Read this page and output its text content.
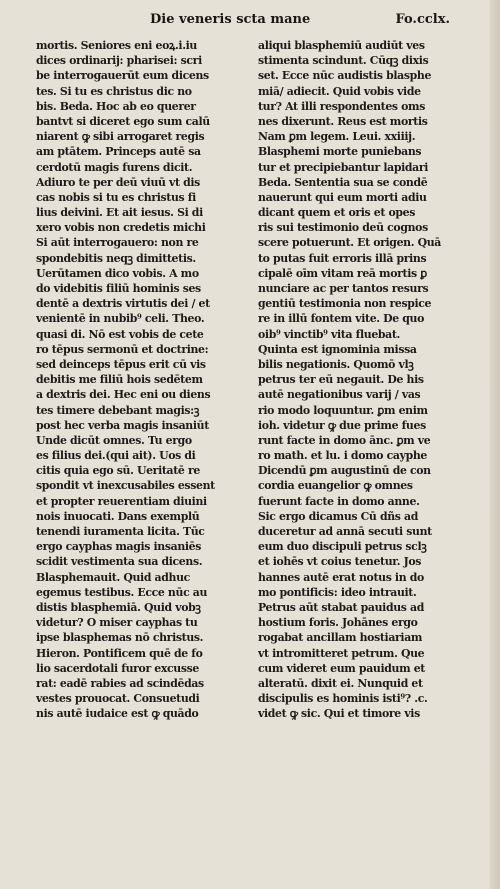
Die veneris scta mane	Fo.cclx.
mortis. Seniores eni eoꝝ.i.iu
dices ordinarij: pharisei: scri
be interrogauerūt eum dicens
tes. Si tu es christus dic no
bis. Beda. Hoc ab eo querer
bantvt si diceret ego sum calū
niarent ꝙ sibi arrogaret regis
am ptātem. Princeps autē sa
cerdotū magis furens dicit.
Adiuro te per deū viuū vt dis
cas nobis si tu es christus fi
lius deivini. Et ait iesus. Si di
xero vobis non credetis michi
Si aūt interrogauero: non re
spondebitis neqꝫ dimittetis.
Uerūtamen dico vobis. A mo
do videbitis filiū hominis ses
dentē a dextris virtutis dei / et
venientē in nubib⁹ celi. Theo.
quasi di. Nō est vobis de cete
ro tēpus sermonū et doctrine:
sed deinceps tēpus erit cū vis
debitis me filiū hois sedētem
a dextris dei. Hec eni ou diens
tes timere debebant magis:ꝫ
post hec verba magis insaniūt
Unde dicūt omnes. Tu ergo
es filius dei.(qui ait). Uos di
citis quia ego sū. Ueritatē re
spondit vt inexcusabiles essent
et propter reuerentiam diuini
nois inuocati. Dans exemplū
tenendi iuramenta licita. Tūc
ergo cayphas magis insaniēs
scidit vestimenta sua dicens.
Blasphemauit. Quid adhuc
egemus testibus. Ecce nūc au
distis blasphemiā. Quid vobꝫ
videtur? O miser cayphas tu
ipse blasphemas nō christus.
Hieron. Pontificem quē de fo
lio sacerdotali furor excusse
rat: eadē rabies ad scindēdas
vestes prouocat. Consuetudi
nis autē iudaice est ꝙ quādo
aliqui blasphemiū audiūt ves
stimenta scindunt. Cūqꝫ dixis
set. Ecce nūc audistis blasphe
miā/ adiecit. Quid vobis vide
tur? At illi respondentes oms
nes dixerunt. Reus est mortis
Nam ꝑm legem. Leui. xxiiij.
Blasphemi morte puniebans
tur et precipiebantur lapidari
Beda. Sententia sua se condē
nauerunt qui eum morti adiu
dicant quem et oris et opes
ris sui testimonio deū cognos
scere potuerunt. Et origen. Quā
to putas fuit erroris illā prins
cipalē oīm vitam reā mortis ꝑ
nunciare ac per tantos resurs
gentiū testimonia non respice
re in illū fontem vite. De quo
oib⁹ vinctib⁹ vita fluebat.
Quinta est ignominia missa
bilis negationis. Quomō vlꝫ
petrus ter eū negauit. De his
autē negationibus varij / vas
rio modo loquuntur. ꝑm enim
ioh. videtur ꝙ due prime fues
runt facte in domo ānc. ꝑm ve
ro math. et lu. i domo cayphe
Dicendū ꝑm augustinū de con
cordia euangelior ꝙ omnes
fuerunt facte in domo anne.
Sic ergo dicamus Cū dñs ad
duceretur ad annā secuti sunt
eum duo discipuli petrus sclꝫ
et iohēs vt coius tenetur. Jos
hannes autē erat notus in do
mo pontificis: ideo intrauit.
Petrus aūt stabat pauidus ad
hostium foris. Johānes ergo
rogabat ancillam hostiariam
vt intromitteret petrum. Que
cum videret eum pauidum et
alteratū. dixit ei. Nunquid et
discipulis es hominis isti⁹? .c.
videt ꝙ sic. Qui et timore vis
